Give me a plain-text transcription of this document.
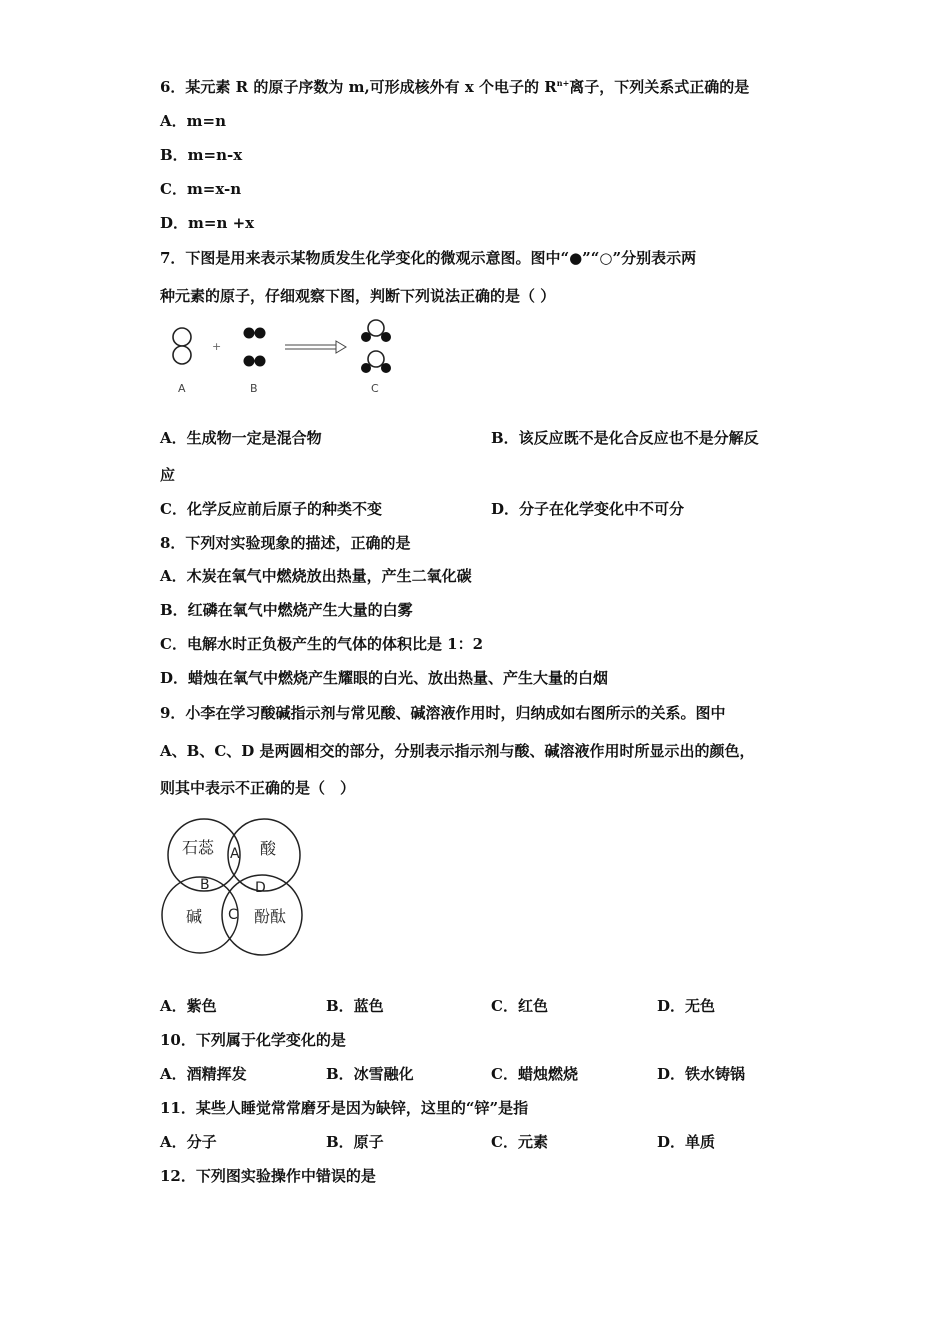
6．某元素 R 的原子序数为 m,可形成核外有 x 个电子的 $R^{n+}$离子，下列关系式正确的是
A．m=n
B．m=n-x
C．m=x-n
D．m=n +x
7．下图是用来表示某物质发生化学变化的微观示意图。图中“●”“○”分别表示两
种元素的原子，仔细观察下图，判断下列说法正确的是（ ）
+
A	B	C
A．生成物一定是混合物	B．该反应既不是化合反应也不是分解反
应
C．化学反应前后原子的种类不变	D．分子在化学变化中不可分
8．下列对实验现象的描述，正确的是
A．木炭在氧气中燃烧放出热量，产生二氧化碳
B．红磷在氧气中燃烧产生大量的白雾
C．电解水时正负极产生的气体的体积比是 1：2
D．蜡烛在氧气中燃烧产生耀眼的白光、放出热量、产生大量的白烟
9．小李在学习酸碱指示剂与常见酸、碱溶液作用时，归纳成如右图所示的关系。图中
A、B、C、D 是两圆相交的部分，分别表示指示剂与酸、碱溶液作用时所显示出的颜色，
则其中表示不正确的是（　）
石蕊	酸
碱	酚酞
A
B
C
D
A．紫色	B．蓝色	C．红色	D．无色
10．下列属于化学变化的是
A．酒精挥发	B．冰雪融化	C．蜡烛燃烧	D．铁水铸锅
11．某些人睡觉常常磨牙是因为缺锌，这里的“锌”是指
A．分子	B．原子	C．元素	D．单质
12．下列图实验操作中错误的是
